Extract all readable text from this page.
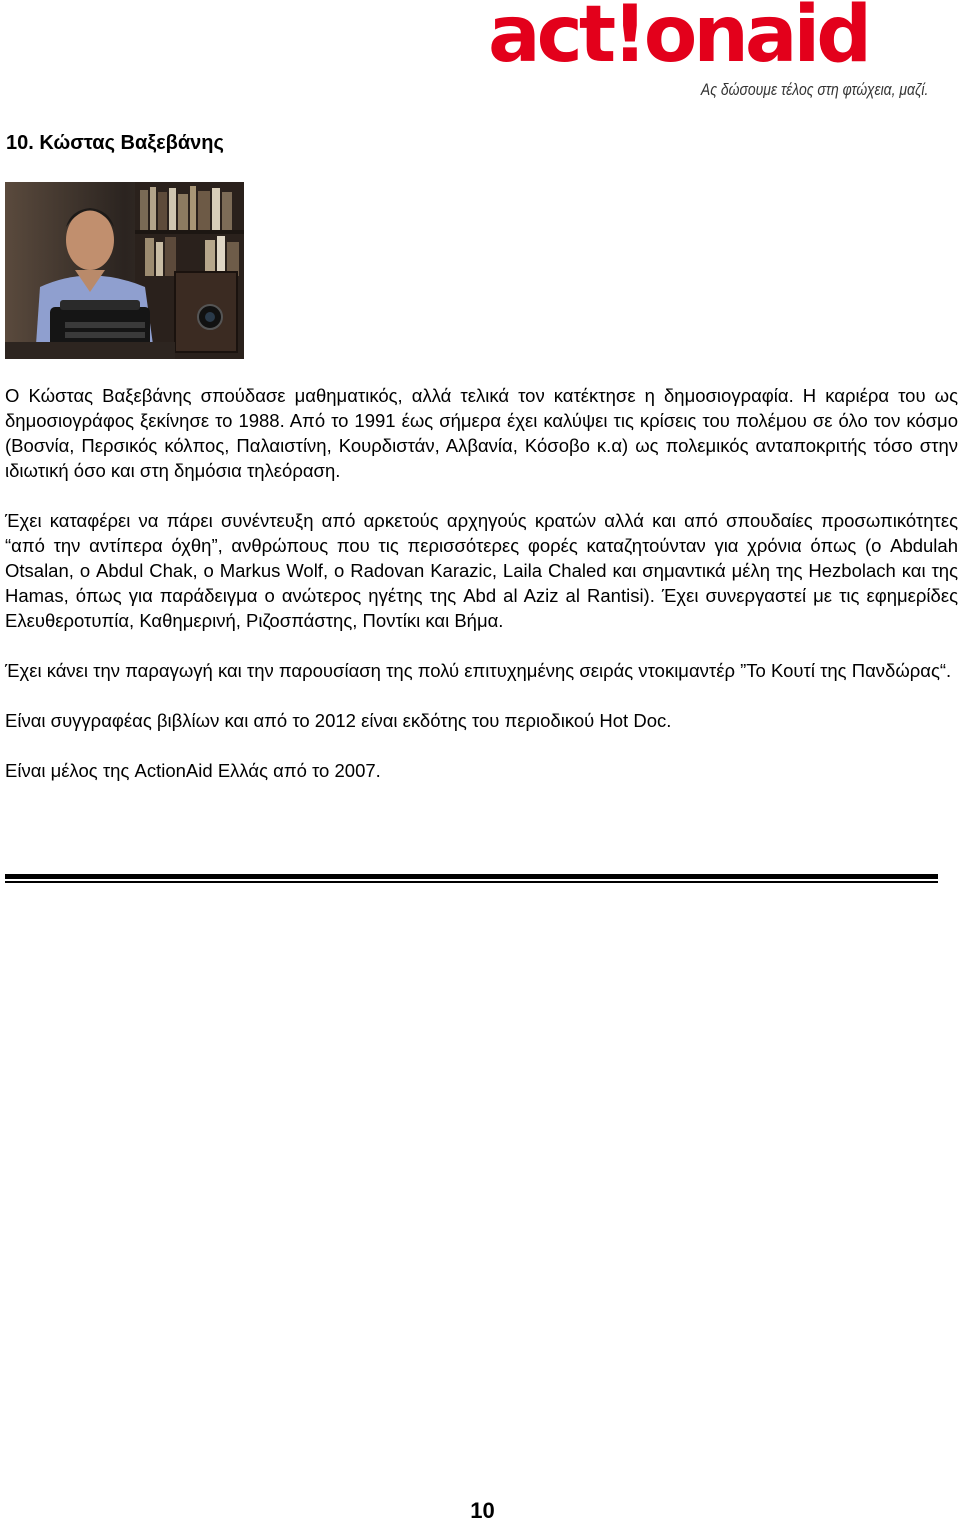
act!onaid
Ας δώσουμε τέλος στη φτώχεια, μαζί.
10. Κώστας Βαξεβάνης

Ο Κώστας Βαξεβάνης σπούδασε μαθηματικός, αλλά τελικά τον κατέκτησε η δημοσιογραφία. Η καριέρα του ως δημοσιογράφος ξεκίνησε το 1988. Από το 1991 έως σήμερα έχει καλύψει τις κρίσεις του πολέμου σε όλο τον κόσμο (Βοσνία, Περσικός κόλπος, Παλαιστίνη, Κουρδιστάν, Αλβανία, Κόσοβο κ.α) ως πολεμικός ανταποκριτής τόσο στην ιδιωτική όσο και στη δημόσια τηλεόραση.

Έχει καταφέρει να πάρει συνέντευξη από αρκετούς αρχηγούς κρατών αλλά και από σπουδαίες προσωπικότητες “από την αντίπερα όχθη”, ανθρώπους που τις περισσότερες φορές καταζητούνταν για χρόνια όπως (ο Abdulah Otsalan, ο Abdul Chak, ο Markus Wolf, ο Radovan Karazic, Laila Chaled και σημαντικά μέλη της Hezbolach και της Hamas, όπως για παράδειγμα ο ανώτερος ηγέτης της Abd al Aziz al Rantisi). Έχει συνεργαστεί με τις εφημερίδες Ελευθεροτυπία, Καθημερινή, Ριζοσπάστης, Ποντίκι και Βήμα.

Έχει κάνει την παραγωγή και την παρουσίαση της πολύ επιτυχημένης σειράς ντοκιμαντέρ ”Το Κουτί της Πανδώρας“.

Είναι συγγραφέας βιβλίων και από το 2012 είναι εκδότης του περιοδικού Hot Doc.

Είναι μέλος της ActionAid Ελλάς από το 2007.

10
